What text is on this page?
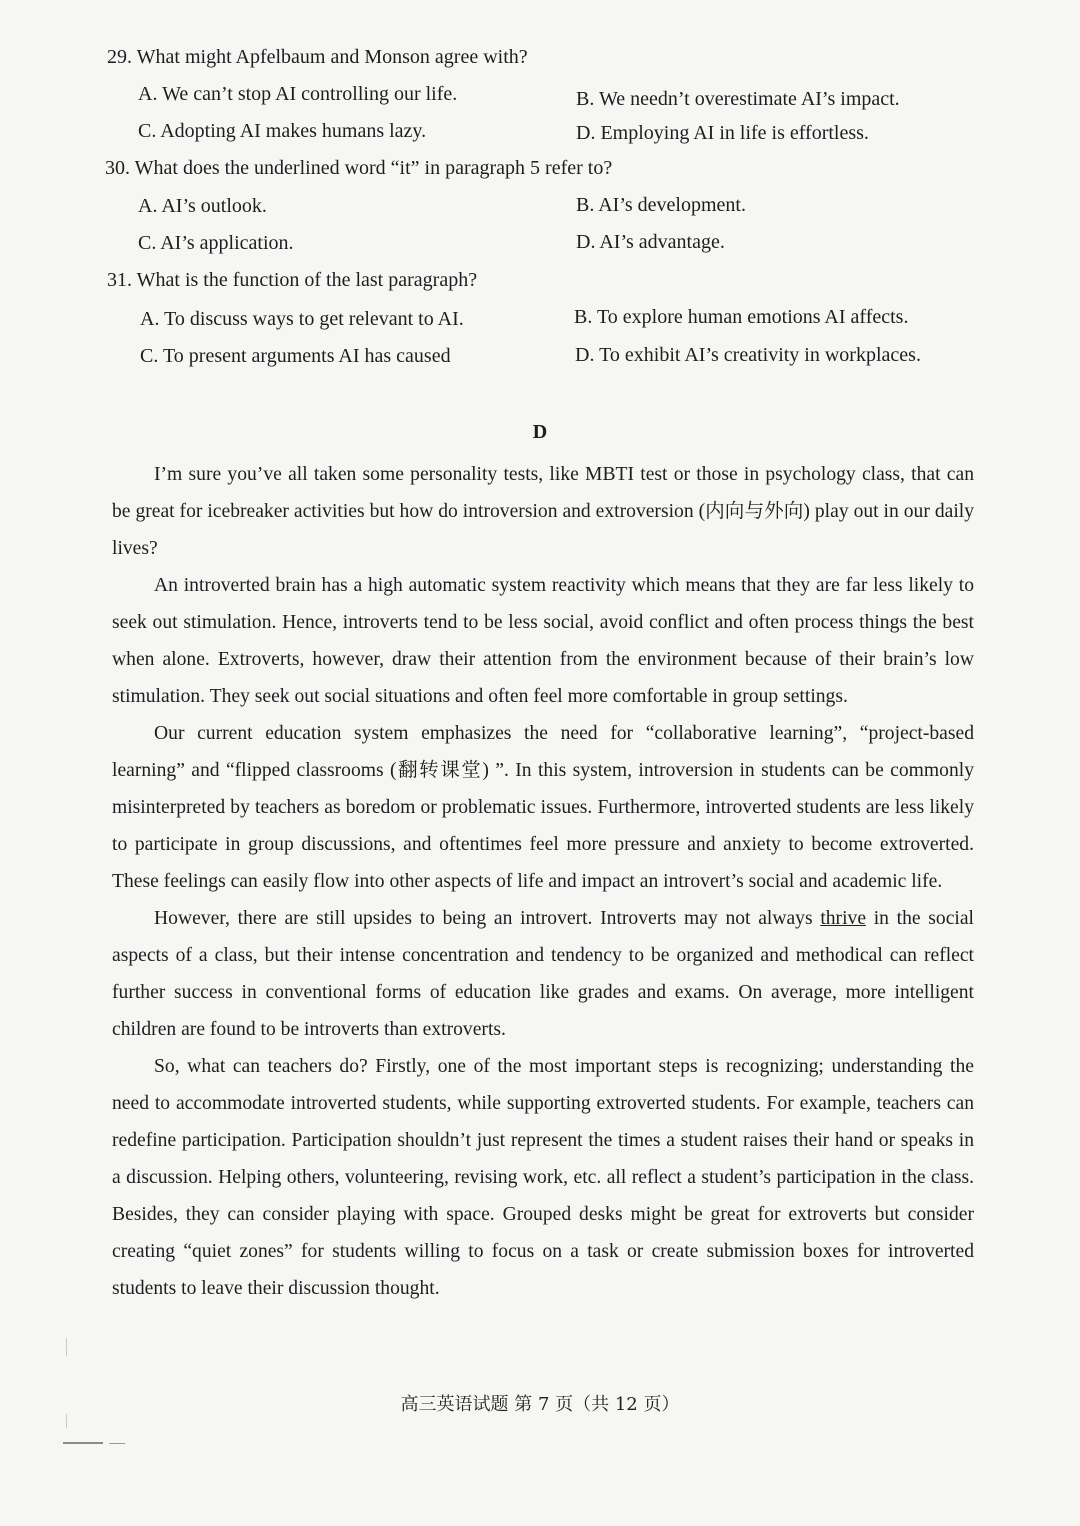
29. What might Apfelbaum and Monson agree with?
A. We can’t stop AI controlling our life.	B. We needn’t overestimate AI’s impact.
C. Adopting AI makes humans lazy.	D. Employing AI in life is effortless.
30. What does the underlined word “it” in paragraph 5 refer to?
A. AI’s outlook.	B. AI’s development.
C. AI’s application.	D. AI’s advantage.
31. What is the function of the last paragraph?
A. To discuss ways to get relevant to AI.	B. To explore human emotions AI affects.
C. To present arguments AI has caused	D. To exhibit AI’s creativity in workplaces.
D

I’m sure you’ve all taken some personality tests, like MBTI test or those in psychology class, that can be great for icebreaker activities but how do introversion and extroversion (内向与外向) play out in our daily lives?

An introverted brain has a high automatic system reactivity which means that they are far less likely to seek out stimulation. Hence, introverts tend to be less social, avoid conflict and often process things the best when alone. Extroverts, however, draw their attention from the environment because of their brain’s low stimulation. They seek out social situations and often feel more comfortable in group settings.

Our current education system emphasizes the need for “collaborative learning”, “project-based learning” and “flipped classrooms (翻转课堂) ”. In this system, introversion in students can be commonly misinterpreted by teachers as boredom or problematic issues. Furthermore, introverted students are less likely to participate in group discussions, and oftentimes feel more pressure and anxiety to become extroverted. These feelings can easily flow into other aspects of life and impact an introvert’s social and academic life.

However, there are still upsides to being an introvert. Introverts may not always thrive in the social aspects of a class, but their intense concentration and tendency to be organized and methodical can reflect further success in conventional forms of education like grades and exams. On average, more intelligent children are found to be introverts than extroverts.

So, what can teachers do? Firstly, one of the most important steps is recognizing; understanding the need to accommodate introverted students, while supporting extroverted students. For example, teachers can redefine participation. Participation shouldn’t just represent the times a student raises their hand or speaks in a discussion. Helping others, volunteering, revising work, etc. all reflect a student’s participation in the class. Besides, they can consider playing with space. Grouped desks might be great for extroverts but consider creating “quiet zones” for students willing to focus on a task or create submission boxes for introverted students to leave their discussion thought.

高三英语试题 第 7 页（共 12 页）
